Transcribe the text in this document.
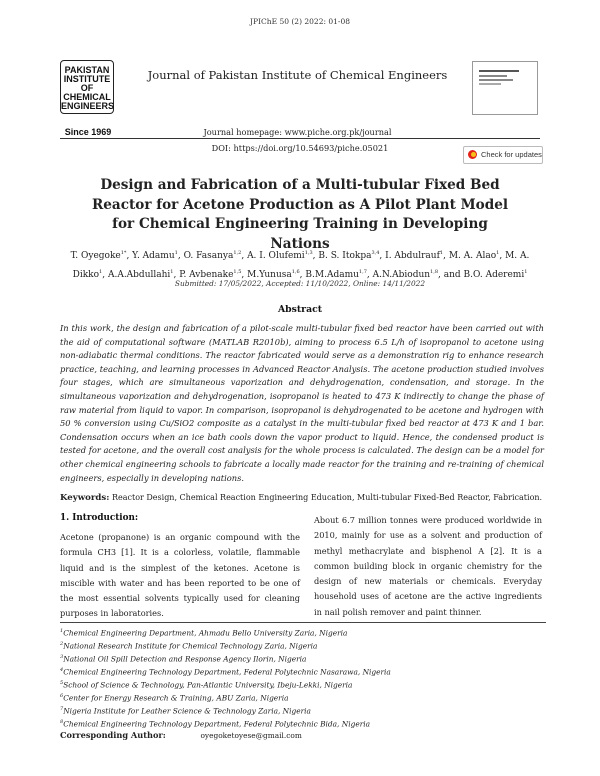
JPIChE 50 (2) 2022: 01-08
PAKISTAN
INSTITUTE
OF
CHEMICAL
ENGINEERS
Since 1969
Journal of Pakistan Institute of Chemical Engineers
Journal homepage: www.piche.org.pk/journal
DOI: https://doi.org/10.54693/piche.05021
Check for updates
Design and Fabrication of a Multi-tubular Fixed Bed Reactor for Acetone Production as A Pilot Plant Model for Chemical Engineering Training in Developing Nations
T. Oyegoke$^{1*}$, Y. Adamu$^1$, O. Fasanya$^{1,2}$, A. I. Olufemi$^{1,3}$, B. S. Itokpa$^{3,4}$, I. Abdulrauf$^1$, M. A. Alao$^1$, M. A. Dikko$^1$, A.A.Abdullahi$^1$, P. Avbenake$^{1,5}$, M.Yunusa$^{1,6}$, B.M.Adamu$^{1,7}$, A.N.Abiodun$^{1,8}$, and B.O. Aderemi$^1$
Submitted: 17/05/2022, Accepted: 11/10/2022, Online: 14/11/2022
Abstract
In this work, the design and fabrication of a pilot-scale multi-tubular fixed bed reactor have been carried out with the aid of computational software (MATLAB R2010b), aiming to process 6.5 L/h of isopropanol to acetone using non-adiabatic thermal conditions. The reactor fabricated would serve as a demonstration rig to enhance research practice, teaching, and learning processes in Advanced Reactor Analysis. The acetone production studied involves four stages, which are simultaneous vaporization and dehydrogenation, condensation, and storage. In the simultaneous vaporization and dehydrogenation, isopropanol is heated to 473 K indirectly to change the phase of raw material from liquid to vapor. In comparison, isopropanol is dehydrogenated to be acetone and hydrogen with 50 % conversion using Cu/SiO2 composite as a catalyst in the multi-tubular fixed bed reactor at 473 K and 1 bar. Condensation occurs when an ice bath cools down the vapor product to liquid. Hence, the condensed product is tested for acetone, and the overall cost analysis for the whole process is calculated. The design can be a model for other chemical engineering schools to fabricate a locally made reactor for the training and re-training of chemical engineers, especially in developing nations.
Keywords: Reactor Design, Chemical Reaction Engineering Education, Multi-tubular Fixed-Bed Reactor, Fabrication.
1. Introduction:
Acetone (propanone) is an organic compound with the formula CH3 [1]. It is a colorless, volatile, flammable liquid and is the simplest of the ketones. Acetone is miscible with water and has been reported to be one of the most essential solvents typically used for cleaning purposes in laboratories.
About 6.7 million tonnes were produced worldwide in 2010, mainly for use as a solvent and production of methyl methacrylate and bisphenol A [2]. It is a common building block in organic chemistry for the design of new materials or chemicals. Everyday household uses of acetone are the active ingredients in nail polish remover and paint thinner.
$^1$Chemical Engineering Department, Ahmadu Bello University Zaria, Nigeria
$^2$National Research Institute for Chemical Technology Zaria, Nigeria
$^3$National Oil Spill Detection and Response Agency Ilorin, Nigeria
$^4$Chemical Engineering Technology Department, Federal Polytechnic Nasarawa, Nigeria
$^5$School of Science & Technology, Pan-Atlantic University, Ibeju-Lekki, Nigeria
$^6$Center for Energy Research & Training, ABU Zaria, Nigeria
$^7$Nigeria Institute for Leather Science & Technology Zaria, Nigeria
$^8$Chemical Engineering Technology Department, Federal Polytechnic Bida, Nigeria
Corresponding Author:	oyegoketoyese@gmail.com
